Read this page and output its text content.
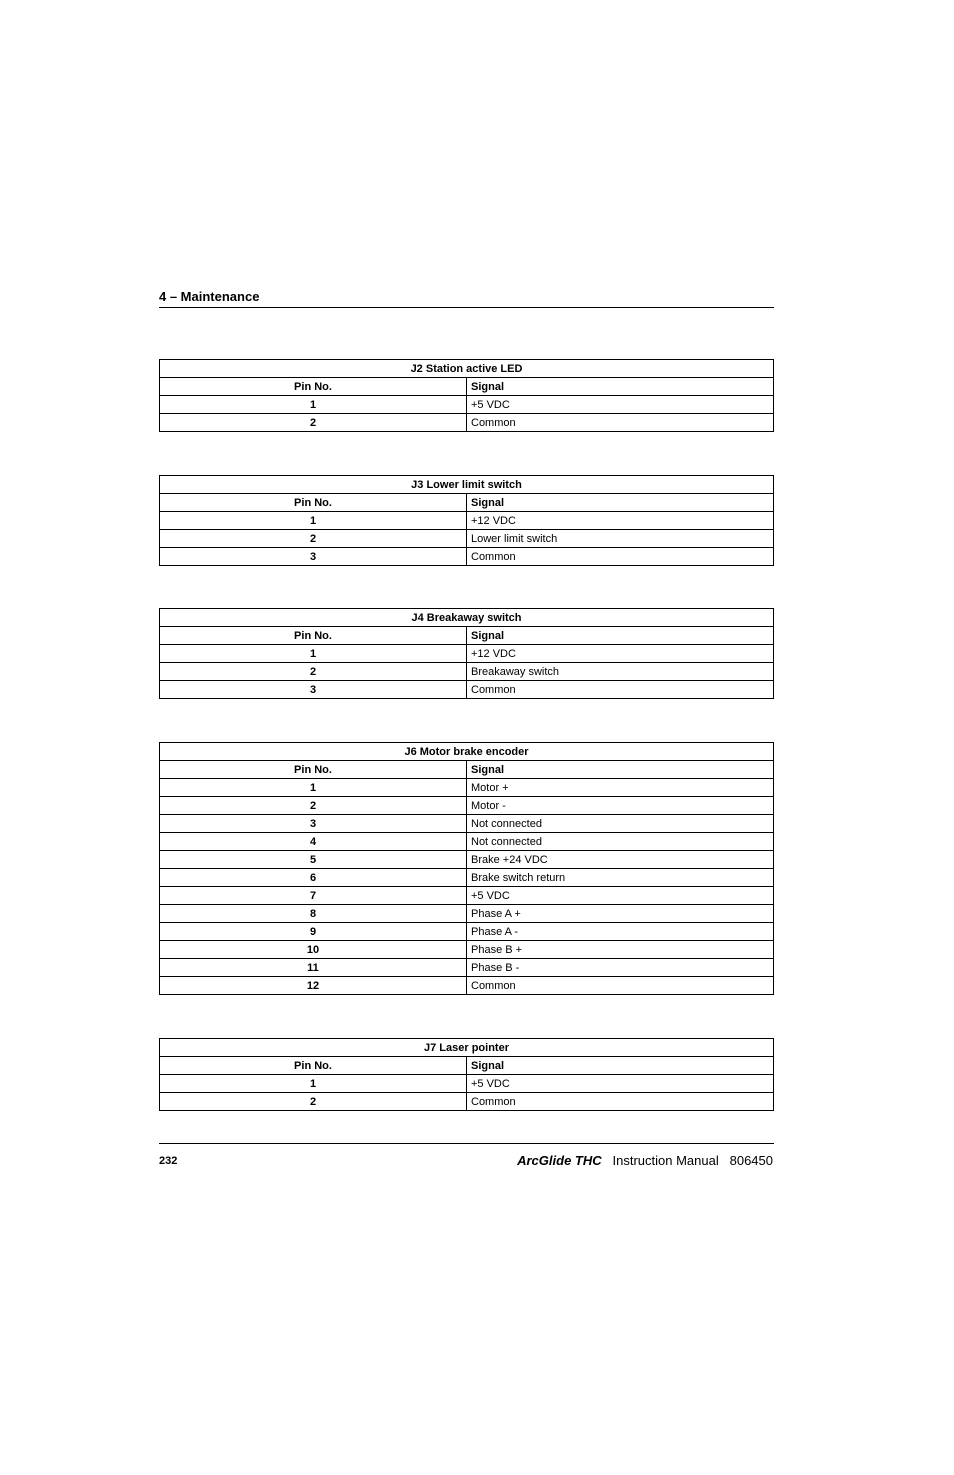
4 – Maintenance
J2 Station active LED	
Pin No.	Signal
1	+5 VDC
2	Common
J3 Lower limit switch	
Pin No.	Signal
1	+12 VDC
2	Lower limit switch
3	Common
J4 Breakaway switch	
Pin No.	Signal
1	+12 VDC
2	Breakaway switch
3	Common
J6 Motor brake encoder	
Pin No.	Signal
1	Motor +
2	Motor -
3	Not connected
4	Not connected
5	Brake +24 VDC
6	Brake switch return
7	+5 VDC
8	Phase A +
9	Phase A -
10	Phase B +
11	Phase B -
12	Common
J7 Laser pointer	
Pin No.	Signal
1	+5 VDC
2	Common
232	ArcGlide THC Instruction Manual 806450
